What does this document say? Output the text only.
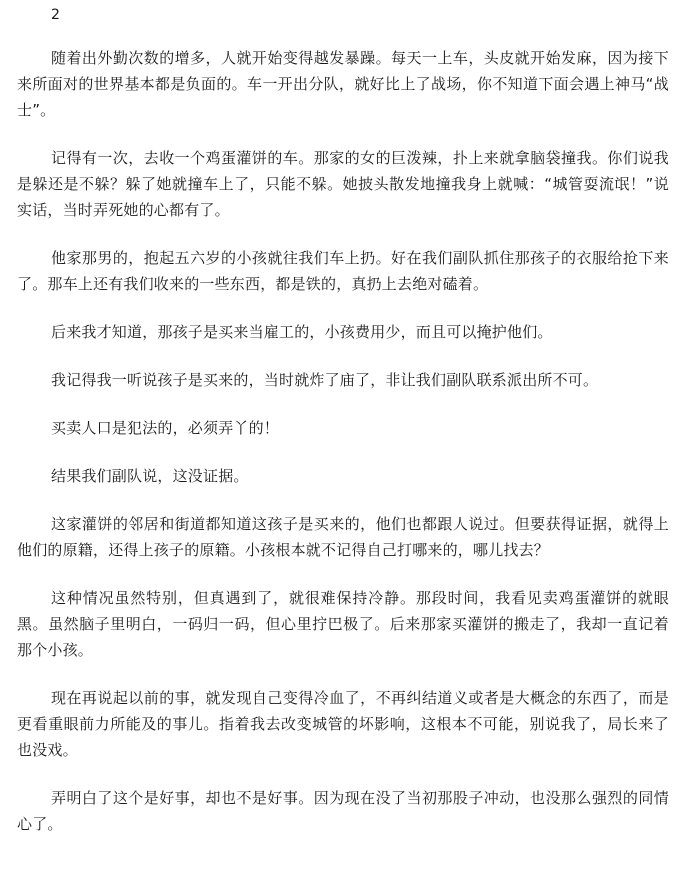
2

随着出外勤次数的增多，人就开始变得越发暴躁。每天一上车，头皮就开始发麻，因为接下来所面对的世界基本都是负面的。车一开出分队，就好比上了战场，你不知道下面会遇上神马“战士”。

记得有一次，去收一个鸡蛋灌饼的车。那家的女的巨泼辣，扑上来就拿脑袋撞我。你们说我是躲还是不躲？躲了她就撞车上了，只能不躲。她披头散发地撞我身上就喊：“城管耍流氓！”说实话，当时弄死她的心都有了。

他家那男的，抱起五六岁的小孩就往我们车上扔。好在我们副队抓住那孩子的衣服给抢下来了。那车上还有我们收来的一些东西，都是铁的，真扔上去绝对磕着。

后来我才知道，那孩子是买来当雇工的，小孩费用少，而且可以掩护他们。

我记得我一听说孩子是买来的，当时就炸了庙了，非让我们副队联系派出所不可。

买卖人口是犯法的，必须弄丫的！

结果我们副队说，这没证据。

这家灌饼的邻居和街道都知道这孩子是买来的，他们也都跟人说过。但要获得证据，就得上他们的原籍，还得上孩子的原籍。小孩根本就不记得自己打哪来的，哪儿找去？

这种情况虽然特别，但真遇到了，就很难保持冷静。那段时间，我看见卖鸡蛋灌饼的就眼黑。虽然脑子里明白，一码归一码，但心里拧巴极了。后来那家买灌饼的搬走了，我却一直记着那个小孩。

现在再说起以前的事，就发现自己变得冷血了，不再纠结道义或者是大概念的东西了，而是更看重眼前力所能及的事儿。指着我去改变城管的坏影响，这根本不可能，别说我了，局长来了也没戏。

弄明白了这个是好事，却也不是好事。因为现在没了当初那股子冲动，也没那么强烈的同情心了。
